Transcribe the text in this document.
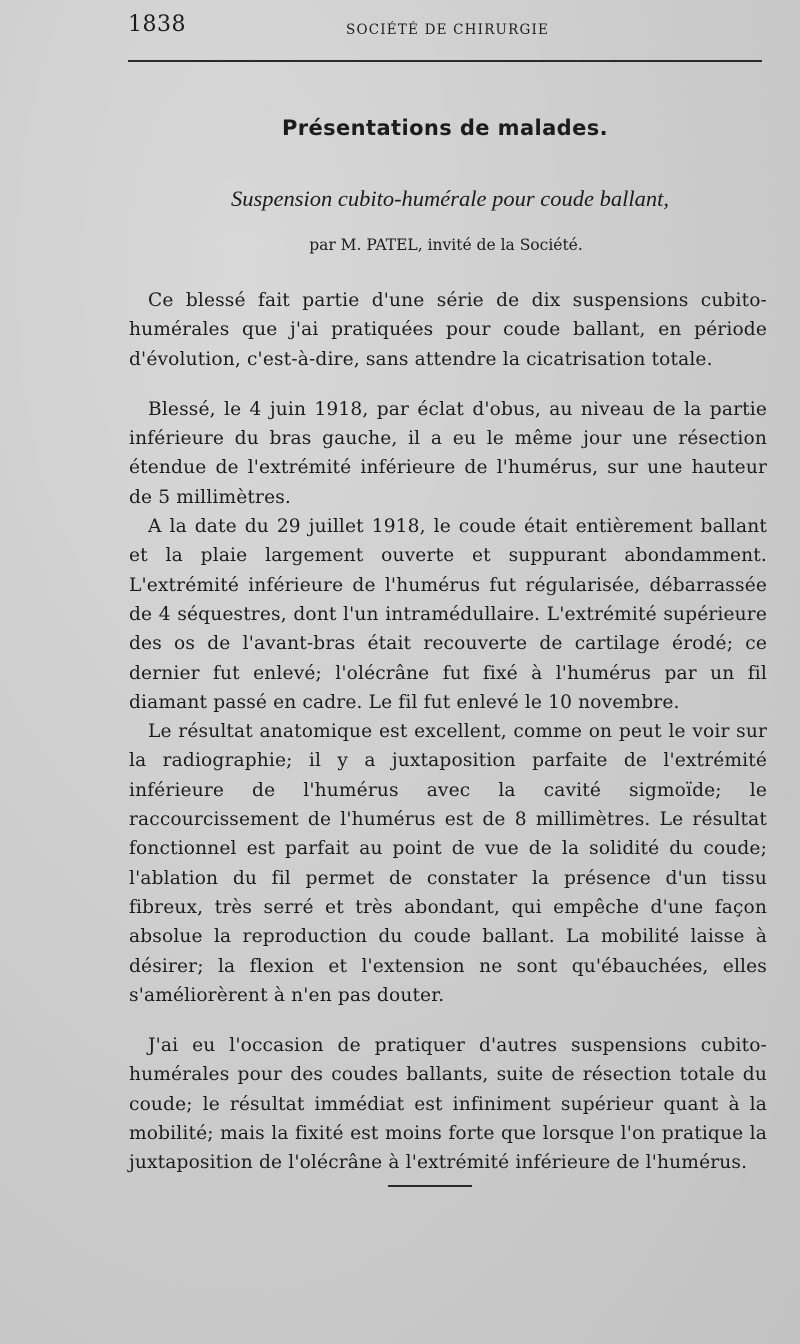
1838	SOCIÉTÉ DE CHIRURGIE
Présentations de malades.
Suspension cubito-humérale pour coude ballant,
par M. PATEL, invité de la Société.

Ce blessé fait partie d'une série de dix suspensions cubito-humérales que j'ai pratiquées pour coude ballant, en période d'évolution, c'est-à-dire, sans attendre la cicatrisation totale.

Blessé, le 4 juin 1918, par éclat d'obus, au niveau de la partie inférieure du bras gauche, il a eu le même jour une résection étendue de l'extrémité inférieure de l'humérus, sur une hauteur de 5 millimètres.

A la date du 29 juillet 1918, le coude était entièrement ballant et la plaie largement ouverte et suppurant abondamment. L'extrémité inférieure de l'humérus fut régularisée, débarrassée de 4 séquestres, dont l'un intramédullaire. L'extrémité supérieure des os de l'avant-bras était recouverte de cartilage érodé; ce dernier fut enlevé; l'olécrâne fut fixé à l'humérus par un fil diamant passé en cadre. Le fil fut enlevé le 10 novembre.

Le résultat anatomique est excellent, comme on peut le voir sur la radiographie; il y a juxtaposition parfaite de l'extrémité inférieure de l'humérus avec la cavité sigmoïde; le raccourcissement de l'humérus est de 8 millimètres. Le résultat fonctionnel est parfait au point de vue de la solidité du coude; l'ablation du fil permet de constater la présence d'un tissu fibreux, très serré et très abondant, qui empêche d'une façon absolue la reproduction du coude ballant. La mobilité laisse à désirer; la flexion et l'extension ne sont qu'ébauchées, elles s'améliorèrent à n'en pas douter.

J'ai eu l'occasion de pratiquer d'autres suspensions cubito-humérales pour des coudes ballants, suite de résection totale du coude; le résultat immédiat est infiniment supérieur quant à la mobilité; mais la fixité est moins forte que lorsque l'on pratique la juxtaposition de l'olécrâne à l'extrémité inférieure de l'humérus.
